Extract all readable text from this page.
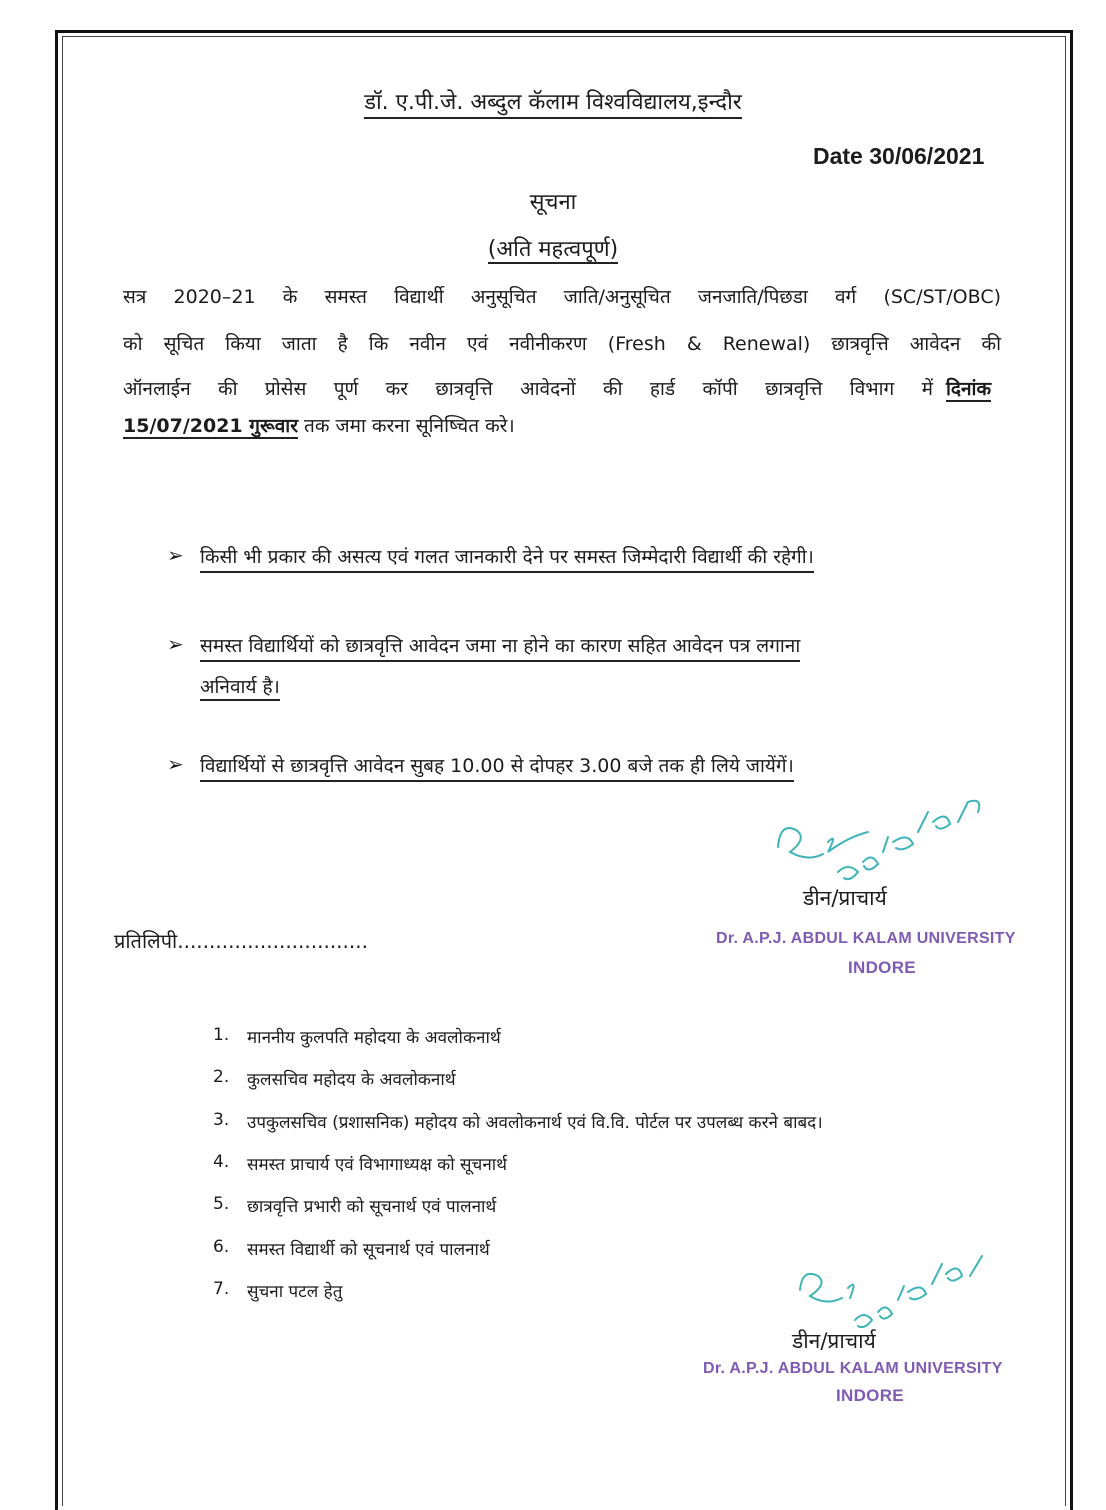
डॉ. ए.पी.जे. अब्दुल कॅलाम विश्वविद्यालय,इन्दौर
Date 30/06/2021
सूचना
(अति महत्वपूर्ण)
सत्र 2020–21 के समस्त विद्यार्थी अनुसूचित जाति/अनुसूचित जनजाति/पिछडा वर्ग (SC/ST/OBC)
को सूचित किया जाता है कि नवीन एवं नवीनीकरण (Fresh & Renewal) छात्रवृत्ति आवेदन की
ऑनलाईन की प्रोसेस पूर्ण कर छात्रवृत्ति आवेदनों की हार्ड कॉपी छात्रवृत्ति विभाग में दिनांक
15/07/2021 गुरूवार तक जमा करना सूनिष्चित करे।
➢ किसी भी प्रकार की असत्य एवं गलत जानकारी देने पर समस्त जिम्मेदारी विद्यार्थी की रहेगी।
➢ समस्त विद्यार्थियों को छात्रवृत्ति आवेदन जमा ना होने का कारण सहित आवेदन पत्र लगाना
अनिवार्य है।
➢ विद्यार्थियों से छात्रवृत्ति आवेदन सुबह 10.00 से दोपहर 3.00 बजे तक ही लिये जायेंगें।
डीन/प्राचार्य
Dr. A.P.J. ABDUL KALAM UNIVERSITY
INDORE
प्रतिलिपी..............................
1. माननीय कुलपति महोदया के अवलोकनार्थ
2. कुलसचिव महोदय के अवलोकनार्थ
3. उपकुलसचिव (प्रशासनिक) महोदय को अवलोकनार्थ एवं वि.वि. पोर्टल पर उपलब्ध करने बाबद।
4. समस्त प्राचार्य एवं विभागाध्यक्ष को सूचनार्थ
5. छात्रवृत्ति प्रभारी को सूचनार्थ एवं पालनार्थ
6. समस्त विद्यार्थी को सूचनार्थ एवं पालनार्थ
7. सुचना पटल हेतु
डीन/प्राचार्य
Dr. A.P.J. ABDUL KALAM UNIVERSITY
INDORE
